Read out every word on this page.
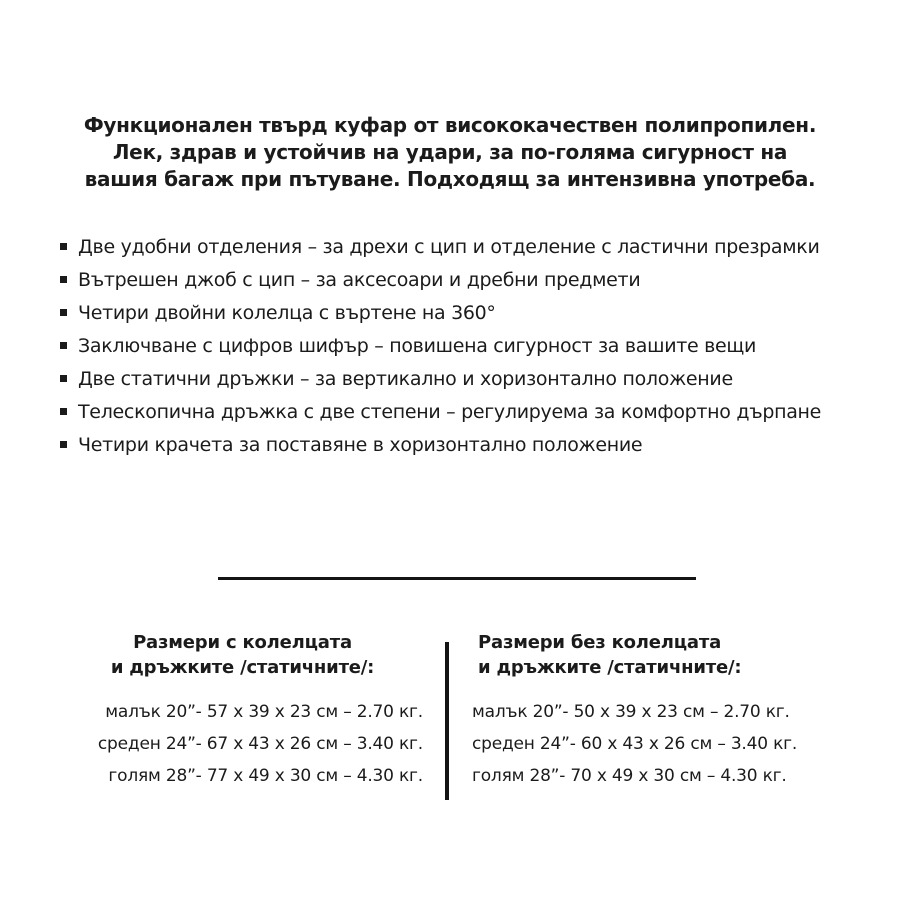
Функционален твърд куфар от висококачествен полипропилен.
Лек, здрав и устойчив на удари, за по-голяма сигурност на
вашия багаж при пътуване. Подходящ за интензивна употреба.
Две удобни отделения – за дрехи с цип и отделение с ластични презрамки
Вътрешен джоб с цип – за аксесоари и дребни предмети
Четири двойни колелца с въртене на 360°
Заключване с цифров шифър – повишена сигурност за вашите вещи
Две статични дръжки – за вертикално и хоризонтално положение
Телескопична дръжка с две степени – регулируема за комфортно дърпане
Четири крачета за поставяне в хоризонтално положение
Размери с колелцата
и дръжките /статичните/:
малък 20”- 57 x 39 x 23 см – 2.70 кг.
среден 24”- 67 x 43 x 26 см – 3.40 кг.
голям 28”- 77 x 49 x 30 см – 4.30 кг.
Размери без колелцата
и дръжките /статичните/:
малък 20”- 50 x 39 x 23 см – 2.70 кг.
среден 24”- 60 x 43 x 26 см – 3.40 кг.
голям 28”- 70 x 49 x 30 см – 4.30 кг.
